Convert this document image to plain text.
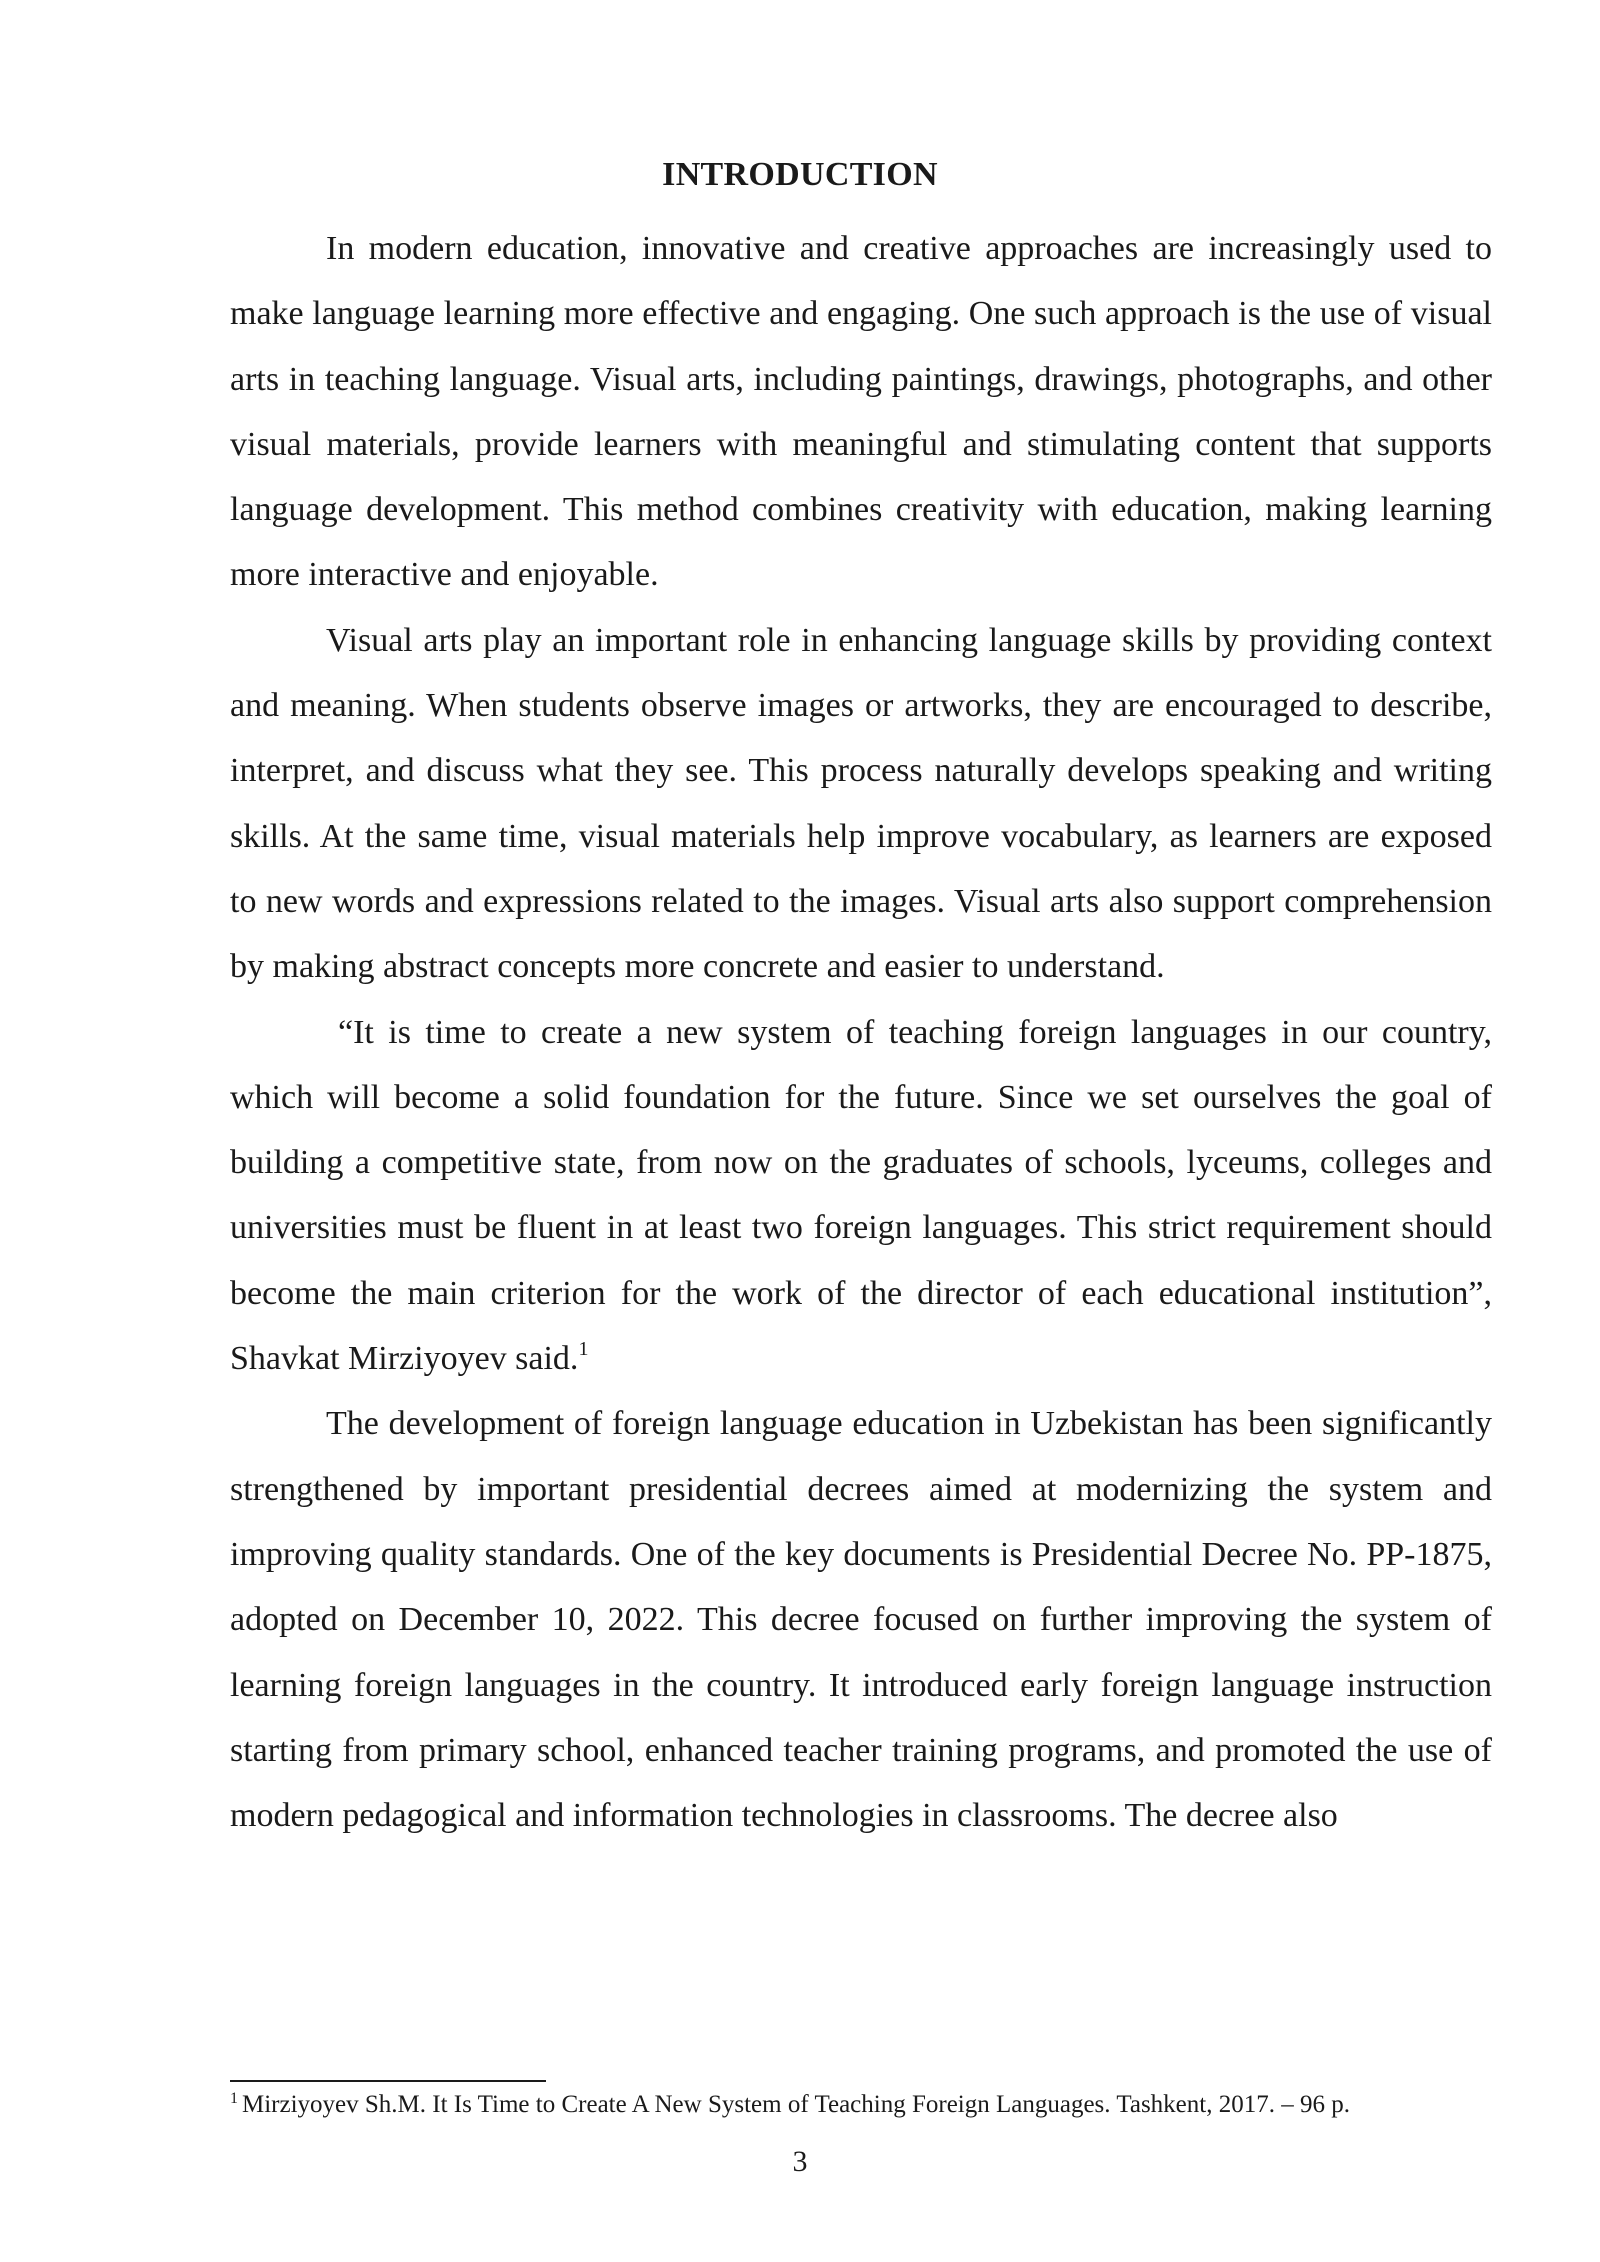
INTRODUCTION

In modern education, innovative and creative approaches are increasingly used to make language learning more effective and engaging. One such approach is the use of visual arts in teaching language. Visual arts, including paintings, drawings, photographs, and other visual materials, provide learners with meaningful and stimulating content that supports language development. This method combines creativity with education, making learning more interactive and enjoyable.

Visual arts play an important role in enhancing language skills by providing context and meaning. When students observe images or artworks, they are encouraged to describe, interpret, and discuss what they see. This process naturally develops speaking and writing skills. At the same time, visual materials help improve vocabulary, as learners are exposed to new words and expressions related to the images. Visual arts also support comprehension by making abstract concepts more concrete and easier to understand.

“It is time to create a new system of teaching foreign languages in our country, which will become a solid foundation for the future. Since we set ourselves the goal of building a competitive state, from now on the graduates of schools, lyceums, colleges and universities must be fluent in at least two foreign languages. This strict requirement should become the main criterion for the work of the director of each educational institution”, Shavkat Mirziyoyev said.$^1$

The development of foreign language education in Uzbekistan has been significantly strengthened by important presidential decrees aimed at modernizing the system and improving quality standards. One of the key documents is Presidential Decree No. PP-1875, adopted on December 10, 2022. This decree focused on further improving the system of learning foreign languages in the country. It introduced early foreign language instruction starting from primary school, enhanced teacher training programs, and promoted the use of modern pedagogical and information technologies in classrooms. The decree also

$^1$ Mirziyoyev Sh.M. It Is Time to Create A New System of Teaching Foreign Languages. Tashkent, 2017. – 96 p.
3
